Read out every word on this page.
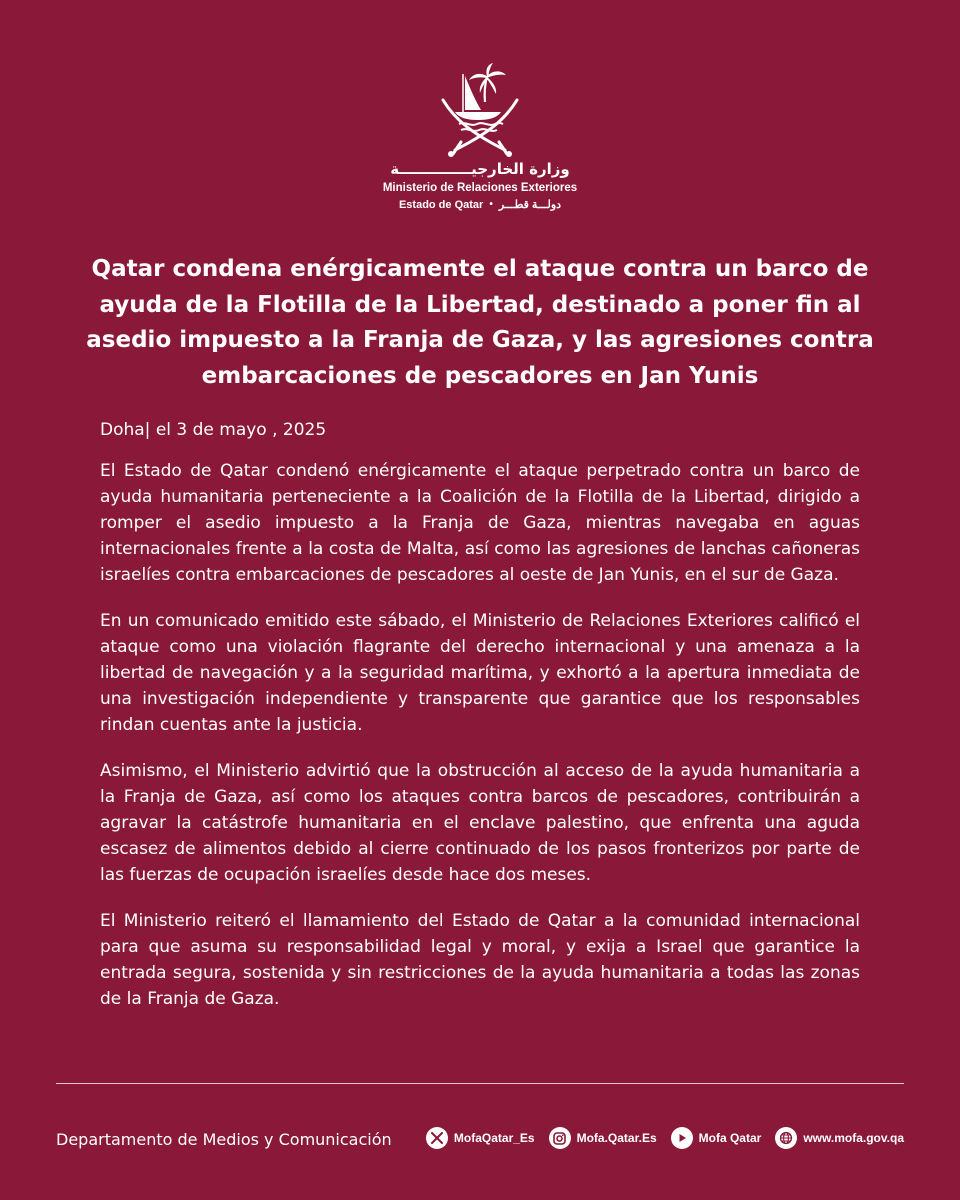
وزارة الخارجيــــــــــــــة
Ministerio de Relaciones Exteriores
Estado de Qatar • دولـــة قطـــر
Qatar condena enérgicamente el ataque contra un barco de ayuda de la Flotilla de la Libertad, destinado a poner fin al asedio impuesto a la Franja de Gaza, y las agresiones contra embarcaciones de pescadores en Jan Yunis

Doha| el 3 de mayo , 2025

El Estado de Qatar condenó enérgicamente el ataque perpetrado contra un barco de ayuda humanitaria perteneciente a la Coalición de la Flotilla de la Libertad, dirigido a romper el asedio impuesto a la Franja de Gaza, mientras navegaba en aguas internacionales frente a la costa de Malta, así como las agresiones de lanchas cañoneras israelíes contra embarcaciones de pescadores al oeste de Jan Yunis, en el sur de Gaza.

En un comunicado emitido este sábado, el Ministerio de Relaciones Exteriores calificó el ataque como una violación flagrante del derecho internacional y una amenaza a la libertad de navegación y a la seguridad marítima, y exhortó a la apertura inmediata de una investigación independiente y transparente que garantice que los responsables rindan cuentas ante la justicia.

Asimismo, el Ministerio advirtió que la obstrucción al acceso de la ayuda humanitaria a la Franja de Gaza, así como los ataques contra barcos de pescadores, contribuirán a agravar la catástrofe humanitaria en el enclave palestino, que enfrenta una aguda escasez de alimentos debido al cierre continuado de los pasos fronterizos por parte de las fuerzas de ocupación israelíes desde hace dos meses.

El Ministerio reiteró el llamamiento del Estado de Qatar a la comunidad internacional para que asuma su responsabilidad legal y moral, y exija a Israel que garantice la entrada segura, sostenida y sin restricciones de la ayuda humanitaria a todas las zonas de la Franja de Gaza.

Departamento de Medios y Comunicación	MofaQatar_Es	Mofa.Qatar.Es	Mofa Qatar	www.mofa.gov.qa
